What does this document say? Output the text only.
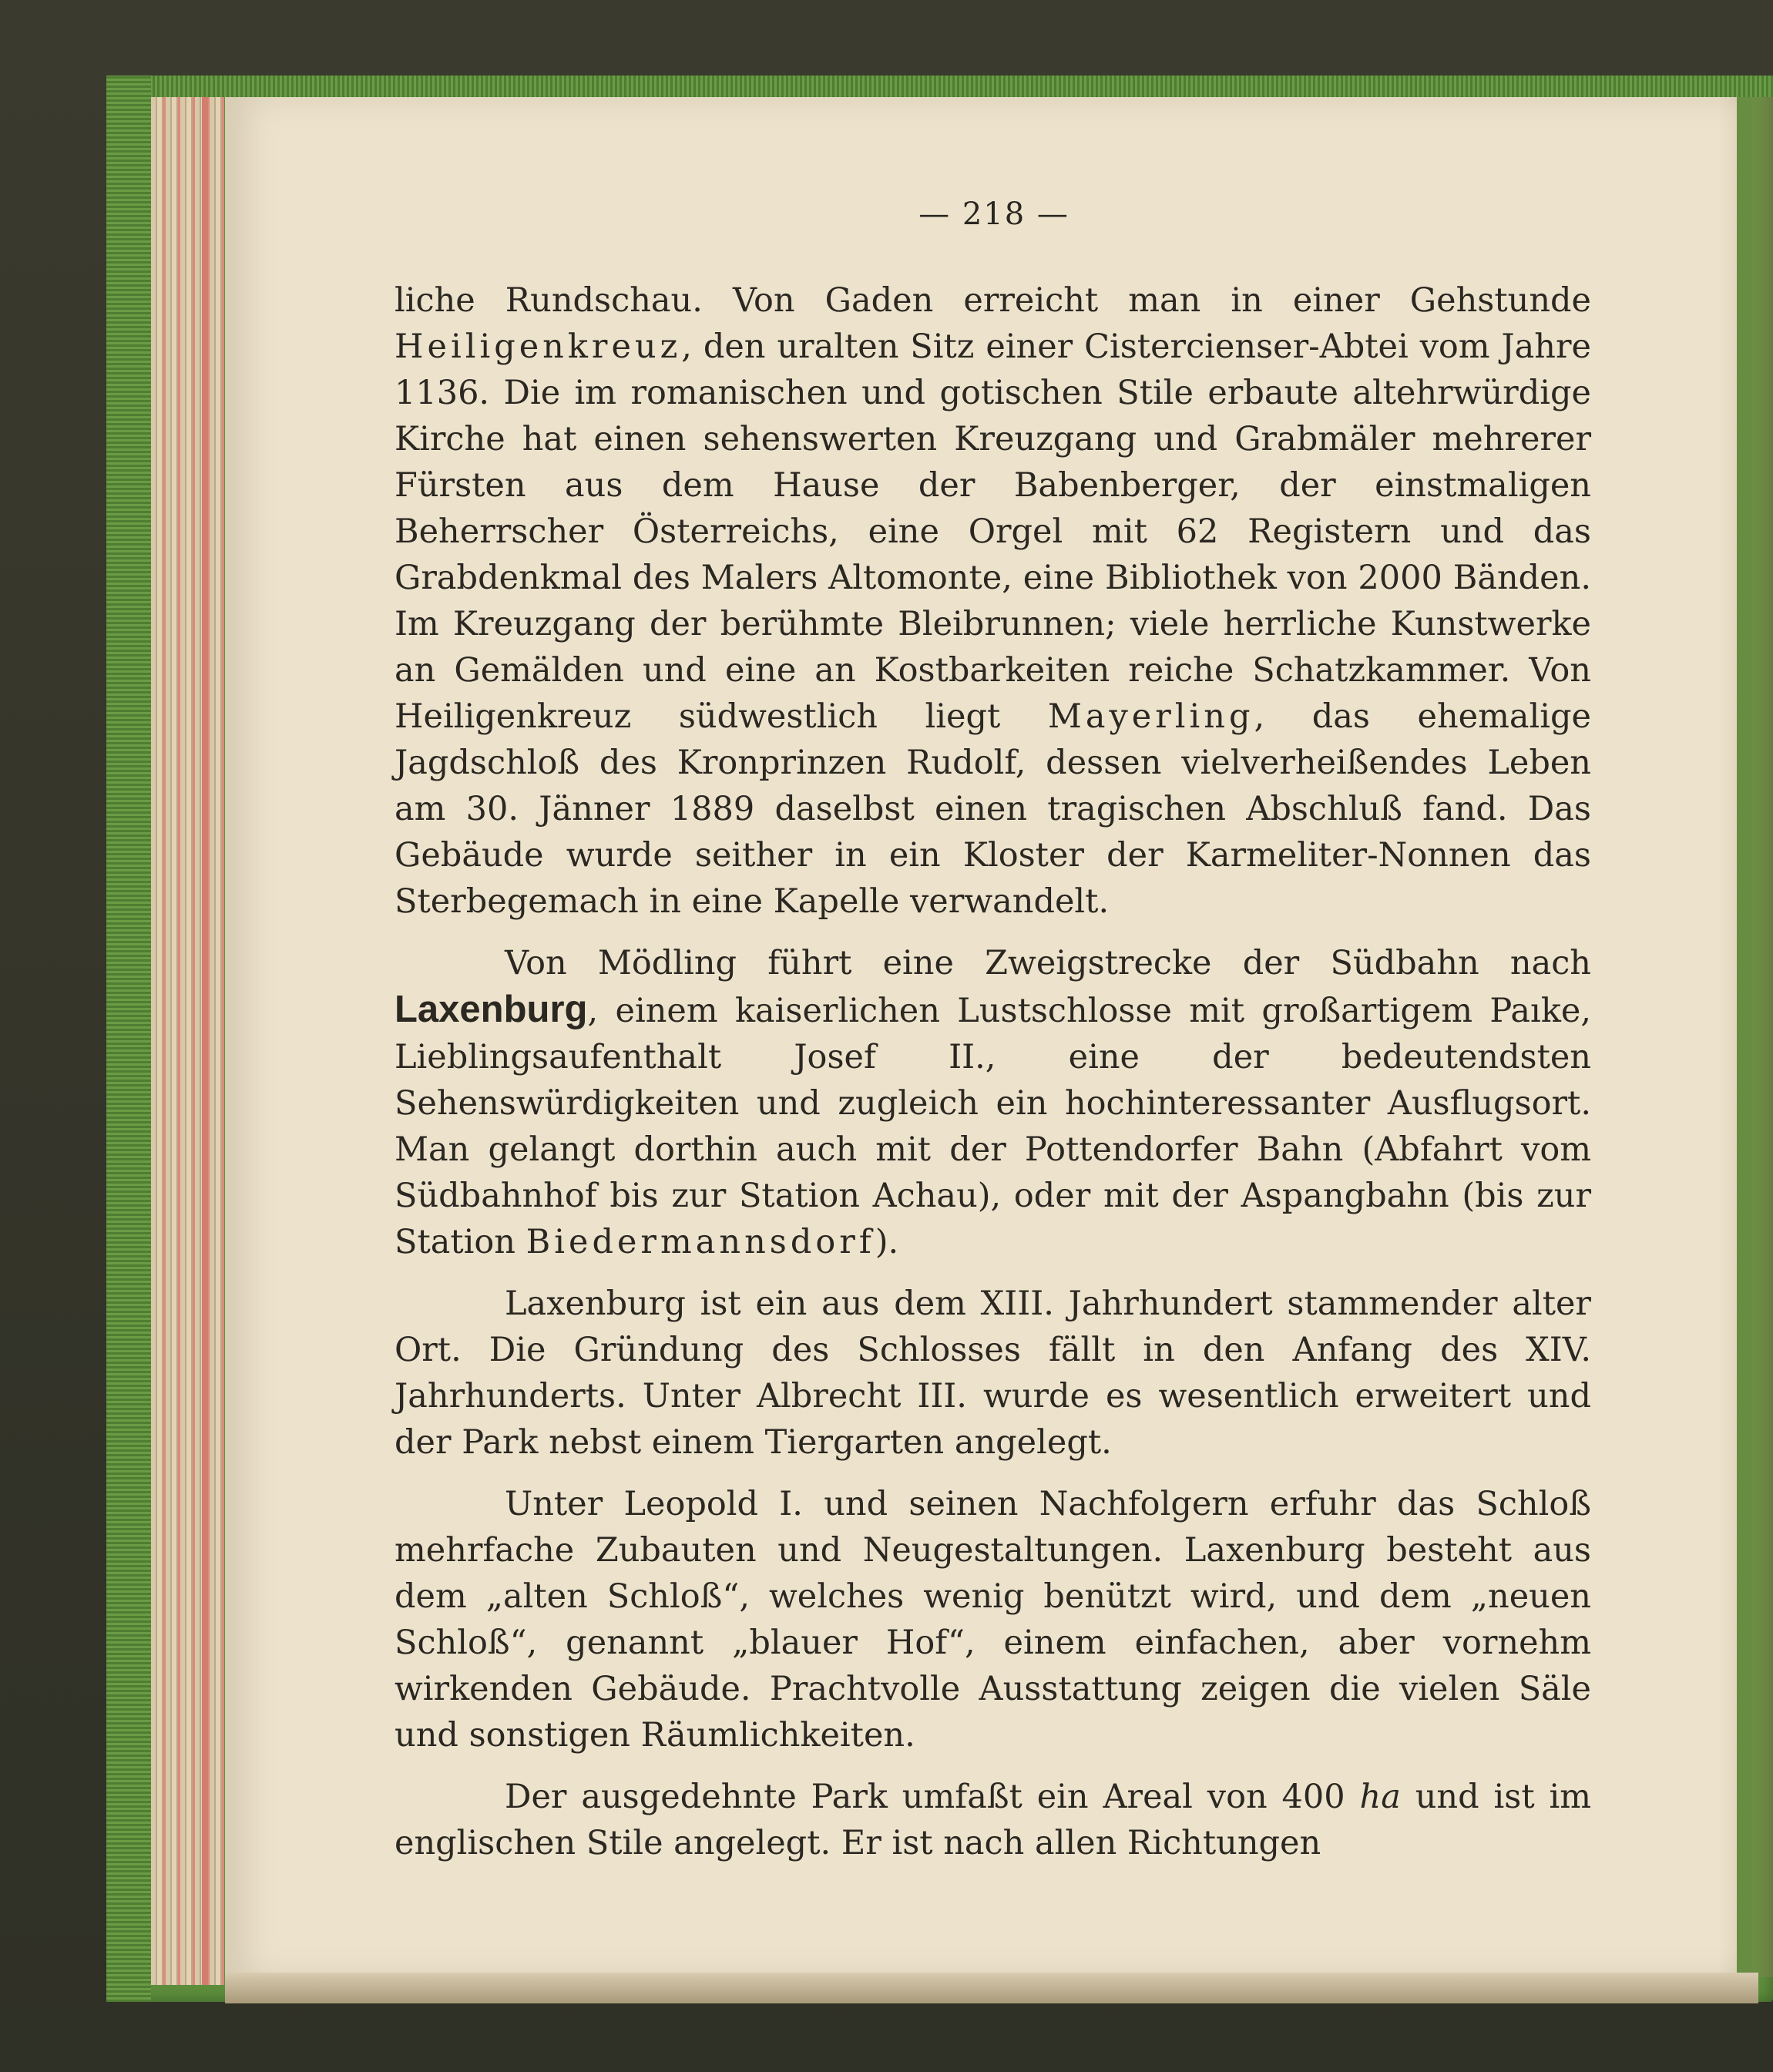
— 218 —

liche Rundschau. Von Gaden erreicht man in einer Gehstunde Heiligenkreuz, den uralten Sitz einer Cistercienser-Abtei vom Jahre 1136. Die im romanischen und gotischen Stile erbaute altehrwürdige Kirche hat einen sehenswerten Kreuzgang und Grabmäler mehrerer Fürsten aus dem Hause der Babenberger, der einstmaligen Beherrscher Österreichs, eine Orgel mit 62 Registern und das Grabdenkmal des Malers Altomonte, eine Bibliothek von 2000 Bänden. Im Kreuzgang der berühmte Bleibrunnen; viele herrliche Kunstwerke an Gemälden und eine an Kostbarkeiten reiche Schatzkammer. Von Heiligenkreuz südwestlich liegt Mayerling, das ehemalige Jagdschloß des Kronprinzen Rudolf, dessen vielverheißendes Leben am 30. Jänner 1889 daselbst einen tragischen Abschluß fand. Das Gebäude wurde seither in ein Kloster der Karmeliter-Nonnen das Sterbegemach in eine Kapelle verwandelt.

Von Mödling führt eine Zweigstrecke der Südbahn nach Laxenburg, einem kaiserlichen Lustschlosse mit großartigem Paıke, Lieblingsaufenthalt Josef II., eine der bedeutendsten Sehenswürdigkeiten und zugleich ein hochinteressanter Ausflugsort. Man gelangt dorthin auch mit der Pottendorfer Bahn (Abfahrt vom Südbahnhof bis zur Station Achau), oder mit der Aspangbahn (bis zur Station Biedermannsdorf).

Laxenburg ist ein aus dem XIII. Jahrhundert stammender alter Ort. Die Gründung des Schlosses fällt in den Anfang des XIV. Jahrhunderts. Unter Albrecht III. wurde es wesentlich erweitert und der Park nebst einem Tiergarten angelegt.

Unter Leopold I. und seinen Nachfolgern erfuhr das Schloß mehrfache Zubauten und Neugestaltungen. Laxenburg besteht aus dem „alten Schloß“, welches wenig benützt wird, und dem „neuen Schloß“, genannt „blauer Hof“, einem einfachen, aber vornehm wirkenden Gebäude. Prachtvolle Ausstattung zeigen die vielen Säle und sonstigen Räumlichkeiten.

Der ausgedehnte Park umfaßt ein Areal von 400 ha und ist im englischen Stile angelegt. Er ist nach allen Richtungen
